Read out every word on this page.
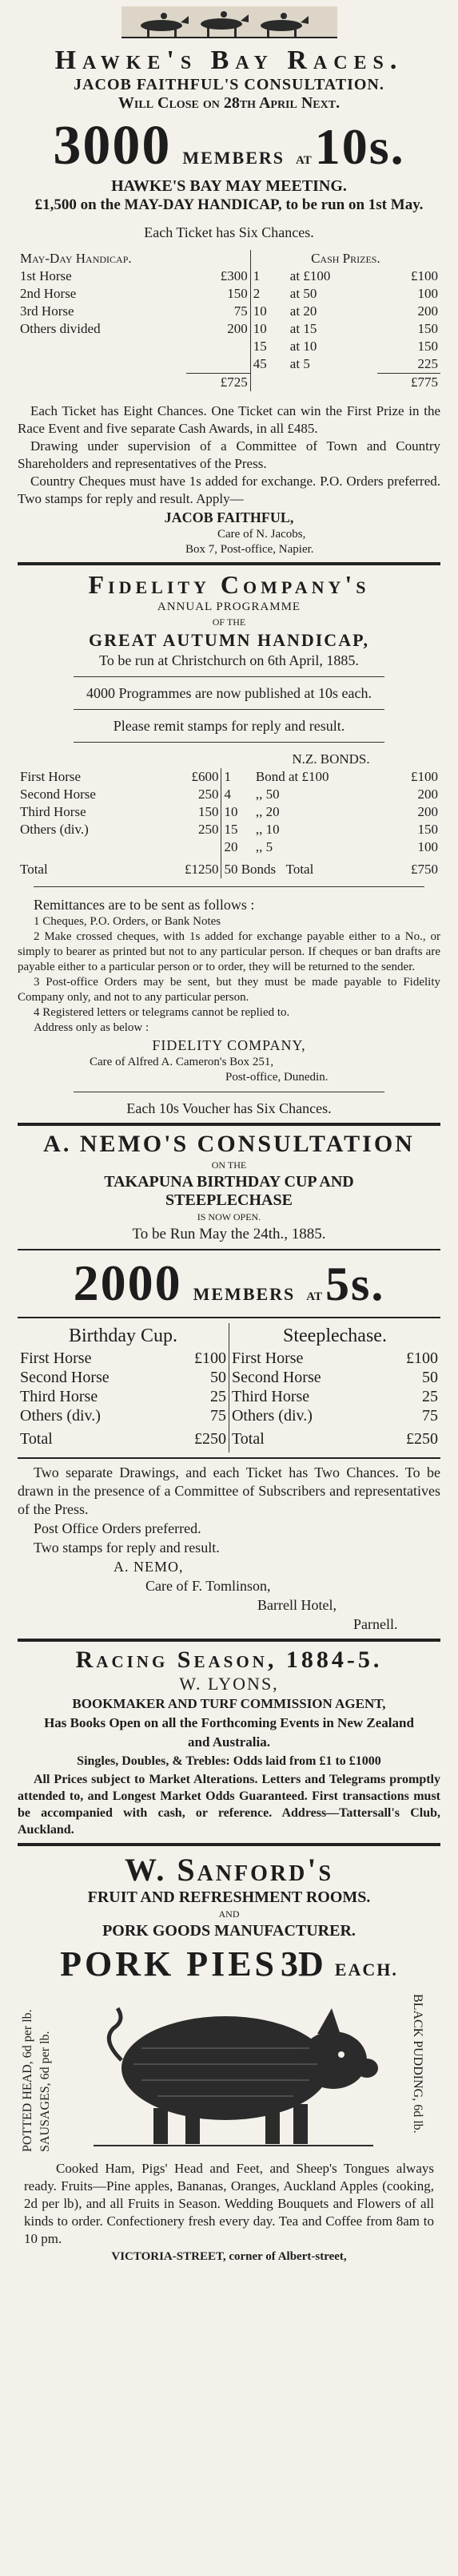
Hawke's Bay Races.
JACOB FAITHFUL'S CONSULTATION.
Will Close on 28th April Next.
3000 MEMBERS AT 10s.
HAWKE'S BAY MAY MEETING.
£1,500 on the MAY-DAY HANDICAP, to be run on 1st May.
Each Ticket has Six Chances.
May-Day Handicap.		Cash Prizes.		
1st Horse	£300	1	at £100	£100
2nd Horse	150	2	at 50	100
3rd Horse	75	10	at 20	200
Others divided	200	10	at 15	150
		15	at 10	150
		45	at 5	225
	£725			£775
Each Ticket has Eight Chances. One Ticket can win the First Prize in the Race Event and five separate Cash Awards, in all £485.
Drawing under supervision of a Committee of Town and Country Shareholders and representatives of the Press.
Country Cheques must have 1s added for exchange. P.O. Orders preferred. Two stamps for reply and result. Apply—
JACOB FAITHFUL,
Care of N. Jacobs,
Box 7, Post-office, Napier.
Fidelity Company's
ANNUAL PROGRAMME
OF THE
GREAT AUTUMN HANDICAP,
To be run at Christchurch on 6th April, 1885.
4000 Programmes are now published at 10s each.
Please remit stamps for reply and result.
		N.Z. BONDS.		
First Horse	£600	1	Bond at £100	£100
Second Horse	250	4	,, 50	200
Third Horse	150	10	,, 20	200
Others (div.)	250	15	,, 10	150
		20	,, 5	100
Total	£1250	50 Bonds Total		£750
Remittances are to be sent as follows :
1 Cheques, P.O. Orders, or Bank Notes
2 Make crossed cheques, with 1s added for exchange payable either to a No., or simply to bearer as printed but not to any particular person. If cheques or ban drafts are payable either to a particular person or to order, they will be returned to the sender.
3 Post-office Orders may be sent, but they must be made payable to Fidelity Company only, and not to any particular person.
4 Registered letters or telegrams cannot be replied to.
Address only as below :
FIDELITY COMPANY,
Care of Alfred A. Cameron's Box 251,
Post-office, Dunedin.
Each 10s Voucher has Six Chances.
A. NEMO'S CONSULTATION
ON THE
TAKAPUNA BIRTHDAY CUP AND
STEEPLECHASE
IS NOW OPEN.
To be Run May the 24th., 1885.
2000 MEMBERS AT 5s.
Birthday Cup.		Steeplechase.	
First Horse	£100	First Horse	£100
Second Horse	50	Second Horse	50
Third Horse	25	Third Horse	25
Others (div.)	75	Others (div.)	75
Total	£250	Total	£250
Two separate Drawings, and each Ticket has Two Chances. To be drawn in the presence of a Committee of Subscribers and representatives of the Press.
Post Office Orders preferred.
Two stamps for reply and result.
A. NEMO,
Care of F. Tomlinson,
Barrell Hotel,
Parnell.
Racing Season, 1884-5.
W. LYONS,
BOOKMAKER AND TURF COMMISSION AGENT,
Has Books Open on all the Forthcoming Events in New Zealand and Australia.
Singles, Doubles, & Trebles: Odds laid from £1 to £1000
All Prices subject to Market Alterations. Letters and Telegrams promptly attended to, and Longest Market Odds Guaranteed. First transactions must be accompanied with cash, or reference. Address—Tattersall's Club, Auckland.
W. Sanford's
FRUIT AND REFRESHMENT ROOMS.
AND
PORK GOODS MANUFACTURER.
PORK PIES 3D EACH.
POTTED HEAD, 6d per lb. SAUSAGES, 6d per lb.	BLACK PUDDING, 6d lb.
Cooked Ham, Pigs' Head and Feet, and Sheep's Tongues always ready. Fruits—Pine apples, Bananas, Oranges, Auckland Apples (cooking, 2d per lb), and all Fruits in Season. Wedding Bouquets and Flowers of all kinds to order. Confectionery fresh every day. Tea and Coffee from 8am to 10 pm.
VICTORIA-STREET, corner of Albert-street,
